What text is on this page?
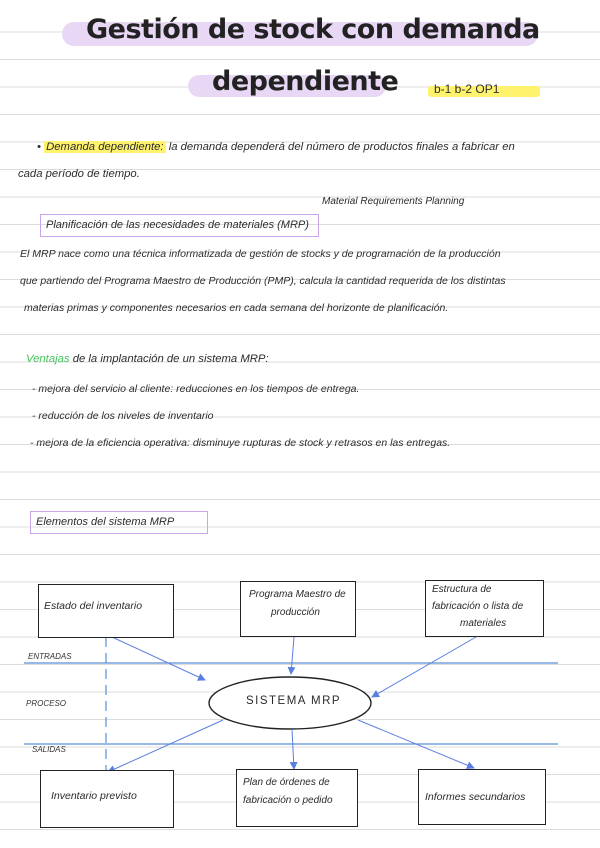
Gestión de stock con demanda
dependiente	b-1 b-2 OP1
• Demanda dependiente: la demanda dependerá del número de productos finales a fabricar en
cada período de tiempo.
Material Requirements Planning
Planificación de las necesidades de materiales (MRP)
El MRP nace como una técnica informatizada de gestión de stocks y de programación de la producción
que partiendo del Programa Maestro de Producción (PMP), calcula la cantidad requerida de los distintas
materias primas y componentes necesarios en cada semana del horizonte de planificación.
Ventajas de la implantación de un sistema MRP:
- mejora del servicio al cliente: reducciones en los tiempos de entrega.
- reducción de los niveles de inventario
- mejora de la eficiencia operativa: disminuye rupturas de stock y retrasos en las entregas.
Elementos del sistema MRP
ENTRADAS
PROCESO
SALIDAS
SISTEMA MRP
Estado del inventario
Programa Maestro de
producción
Estructura de
fabricación o lista de
materiales
Inventario previsto
Plan de órdenes de
fabricación o pedido	Informes secundarios
